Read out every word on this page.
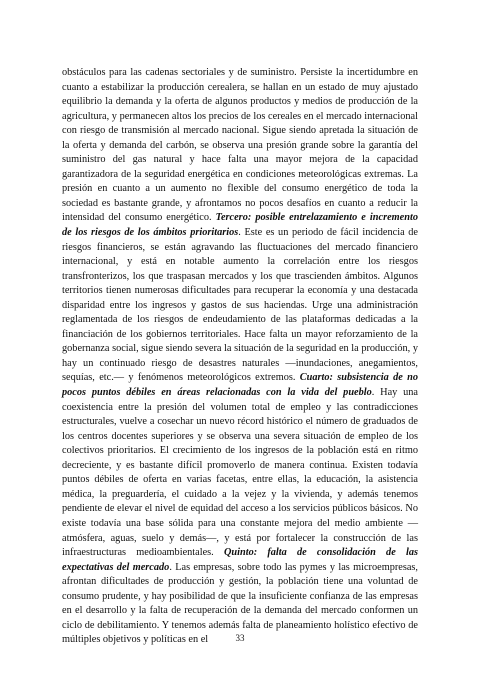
obstáculos para las cadenas sectoriales y de suministro. Persiste la incertidumbre en cuanto a estabilizar la producción cerealera, se hallan en un estado de muy ajustado equilibrio la demanda y la oferta de algunos productos y medios de producción de la agricultura, y permanecen altos los precios de los cereales en el mercado internacional con riesgo de transmisión al mercado nacional. Sigue siendo apretada la situación de la oferta y demanda del carbón, se observa una presión grande sobre la garantía del suministro del gas natural y hace falta una mayor mejora de la capacidad garantizadora de la seguridad energética en condiciones meteorológicas extremas. La presión en cuanto a un aumento no flexible del consumo energético de toda la sociedad es bastante grande, y afrontamos no pocos desafíos en cuanto a reducir la intensidad del consumo energético. Tercero: posible entrelazamiento e incremento de los riesgos de los ámbitos prioritarios. Este es un periodo de fácil incidencia de riesgos financieros, se están agravando las fluctuaciones del mercado financiero internacional, y está en notable aumento la correlación entre los riesgos transfronterizos, los que traspasan mercados y los que trascienden ámbitos. Algunos territorios tienen numerosas dificultades para recuperar la economía y una destacada disparidad entre los ingresos y gastos de sus haciendas. Urge una administración reglamentada de los riesgos de endeudamiento de las plataformas dedicadas a la financiación de los gobiernos territoriales. Hace falta un mayor reforzamiento de la gobernanza social, sigue siendo severa la situación de la seguridad en la producción, y hay un continuado riesgo de desastres naturales —inundaciones, anegamientos, sequías, etc.— y fenómenos meteorológicos extremos. Cuarto: subsistencia de no pocos puntos débiles en áreas relacionadas con la vida del pueblo. Hay una coexistencia entre la presión del volumen total de empleo y las contradicciones estructurales, vuelve a cosechar un nuevo récord histórico el número de graduados de los centros docentes superiores y se observa una severa situación de empleo de los colectivos prioritarios. El crecimiento de los ingresos de la población está en ritmo decreciente, y es bastante difícil promoverlo de manera continua. Existen todavía puntos débiles de oferta en varias facetas, entre ellas, la educación, la asistencia médica, la preguardería, el cuidado a la vejez y la vivienda, y además tenemos pendiente de elevar el nivel de equidad del acceso a los servicios públicos básicos. No existe todavía una base sólida para una constante mejora del medio ambiente —atmósfera, aguas, suelo y demás—, y está por fortalecer la construcción de las infraestructuras medioambientales. Quinto: falta de consolidación de las expectativas del mercado. Las empresas, sobre todo las pymes y las microempresas, afrontan dificultades de producción y gestión, la población tiene una voluntad de consumo prudente, y hay posibilidad de que la insuficiente confianza de las empresas en el desarrollo y la falta de recuperación de la demanda del mercado conformen un ciclo de debilitamiento. Y tenemos además falta de planeamiento holístico efectivo de múltiples objetivos y políticas en el	33
